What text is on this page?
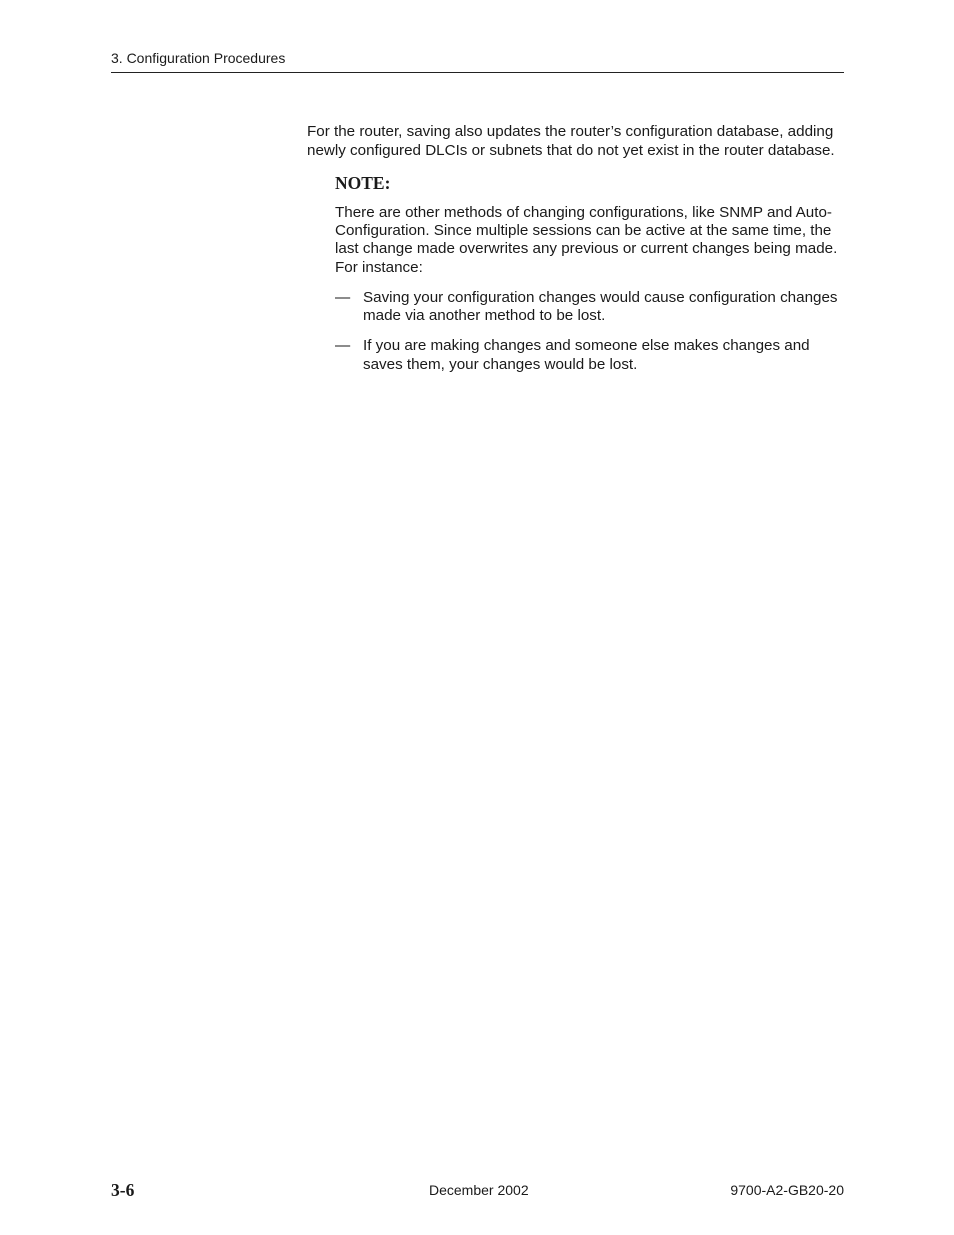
3. Configuration Procedures

For the router, saving also updates the router’s configuration database, adding newly configured DLCIs or subnets that do not yet exist in the router database.

NOTE:

There are other methods of changing configurations, like SNMP and Auto-Configuration. Since multiple sessions can be active at the same time, the last change made overwrites any previous or current changes being made. For instance:

— Saving your configuration changes would cause configuration changes made via another method to be lost.
— If you are making changes and someone else makes changes and saves them, your changes would be lost.
3-6	December 2002	9700-A2-GB20-20
